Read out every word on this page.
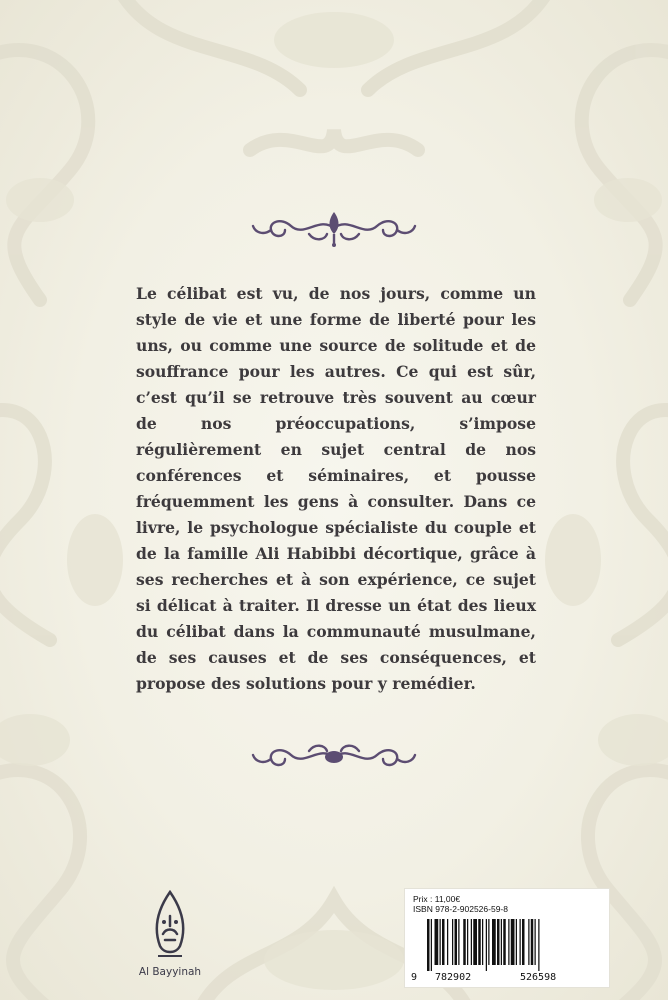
Le célibat est vu, de nos jours, comme un style de vie et une forme de liberté pour les uns, ou comme une source de solitude et de souffrance pour les autres. Ce qui est sûr, c’est qu’il se retrouve très souvent au cœur de nos préoccupations, s’impose régulièrement en sujet central de nos conférences et séminaires, et pousse fréquemment les gens à consulter. Dans ce livre, le psychologue spécialiste du couple et de la famille Ali Habibbi décortique, grâce à ses recherches et à son expérience, ce sujet si délicat à traiter. Il dresse un état des lieux du célibat dans la communauté musulmane, de ses causes et de ses conséquences, et propose des solutions pour y remédier.

Al Bayyinah
Prix : 11,00€
ISBN 978-2-902526-59-8
9 782902	526598
